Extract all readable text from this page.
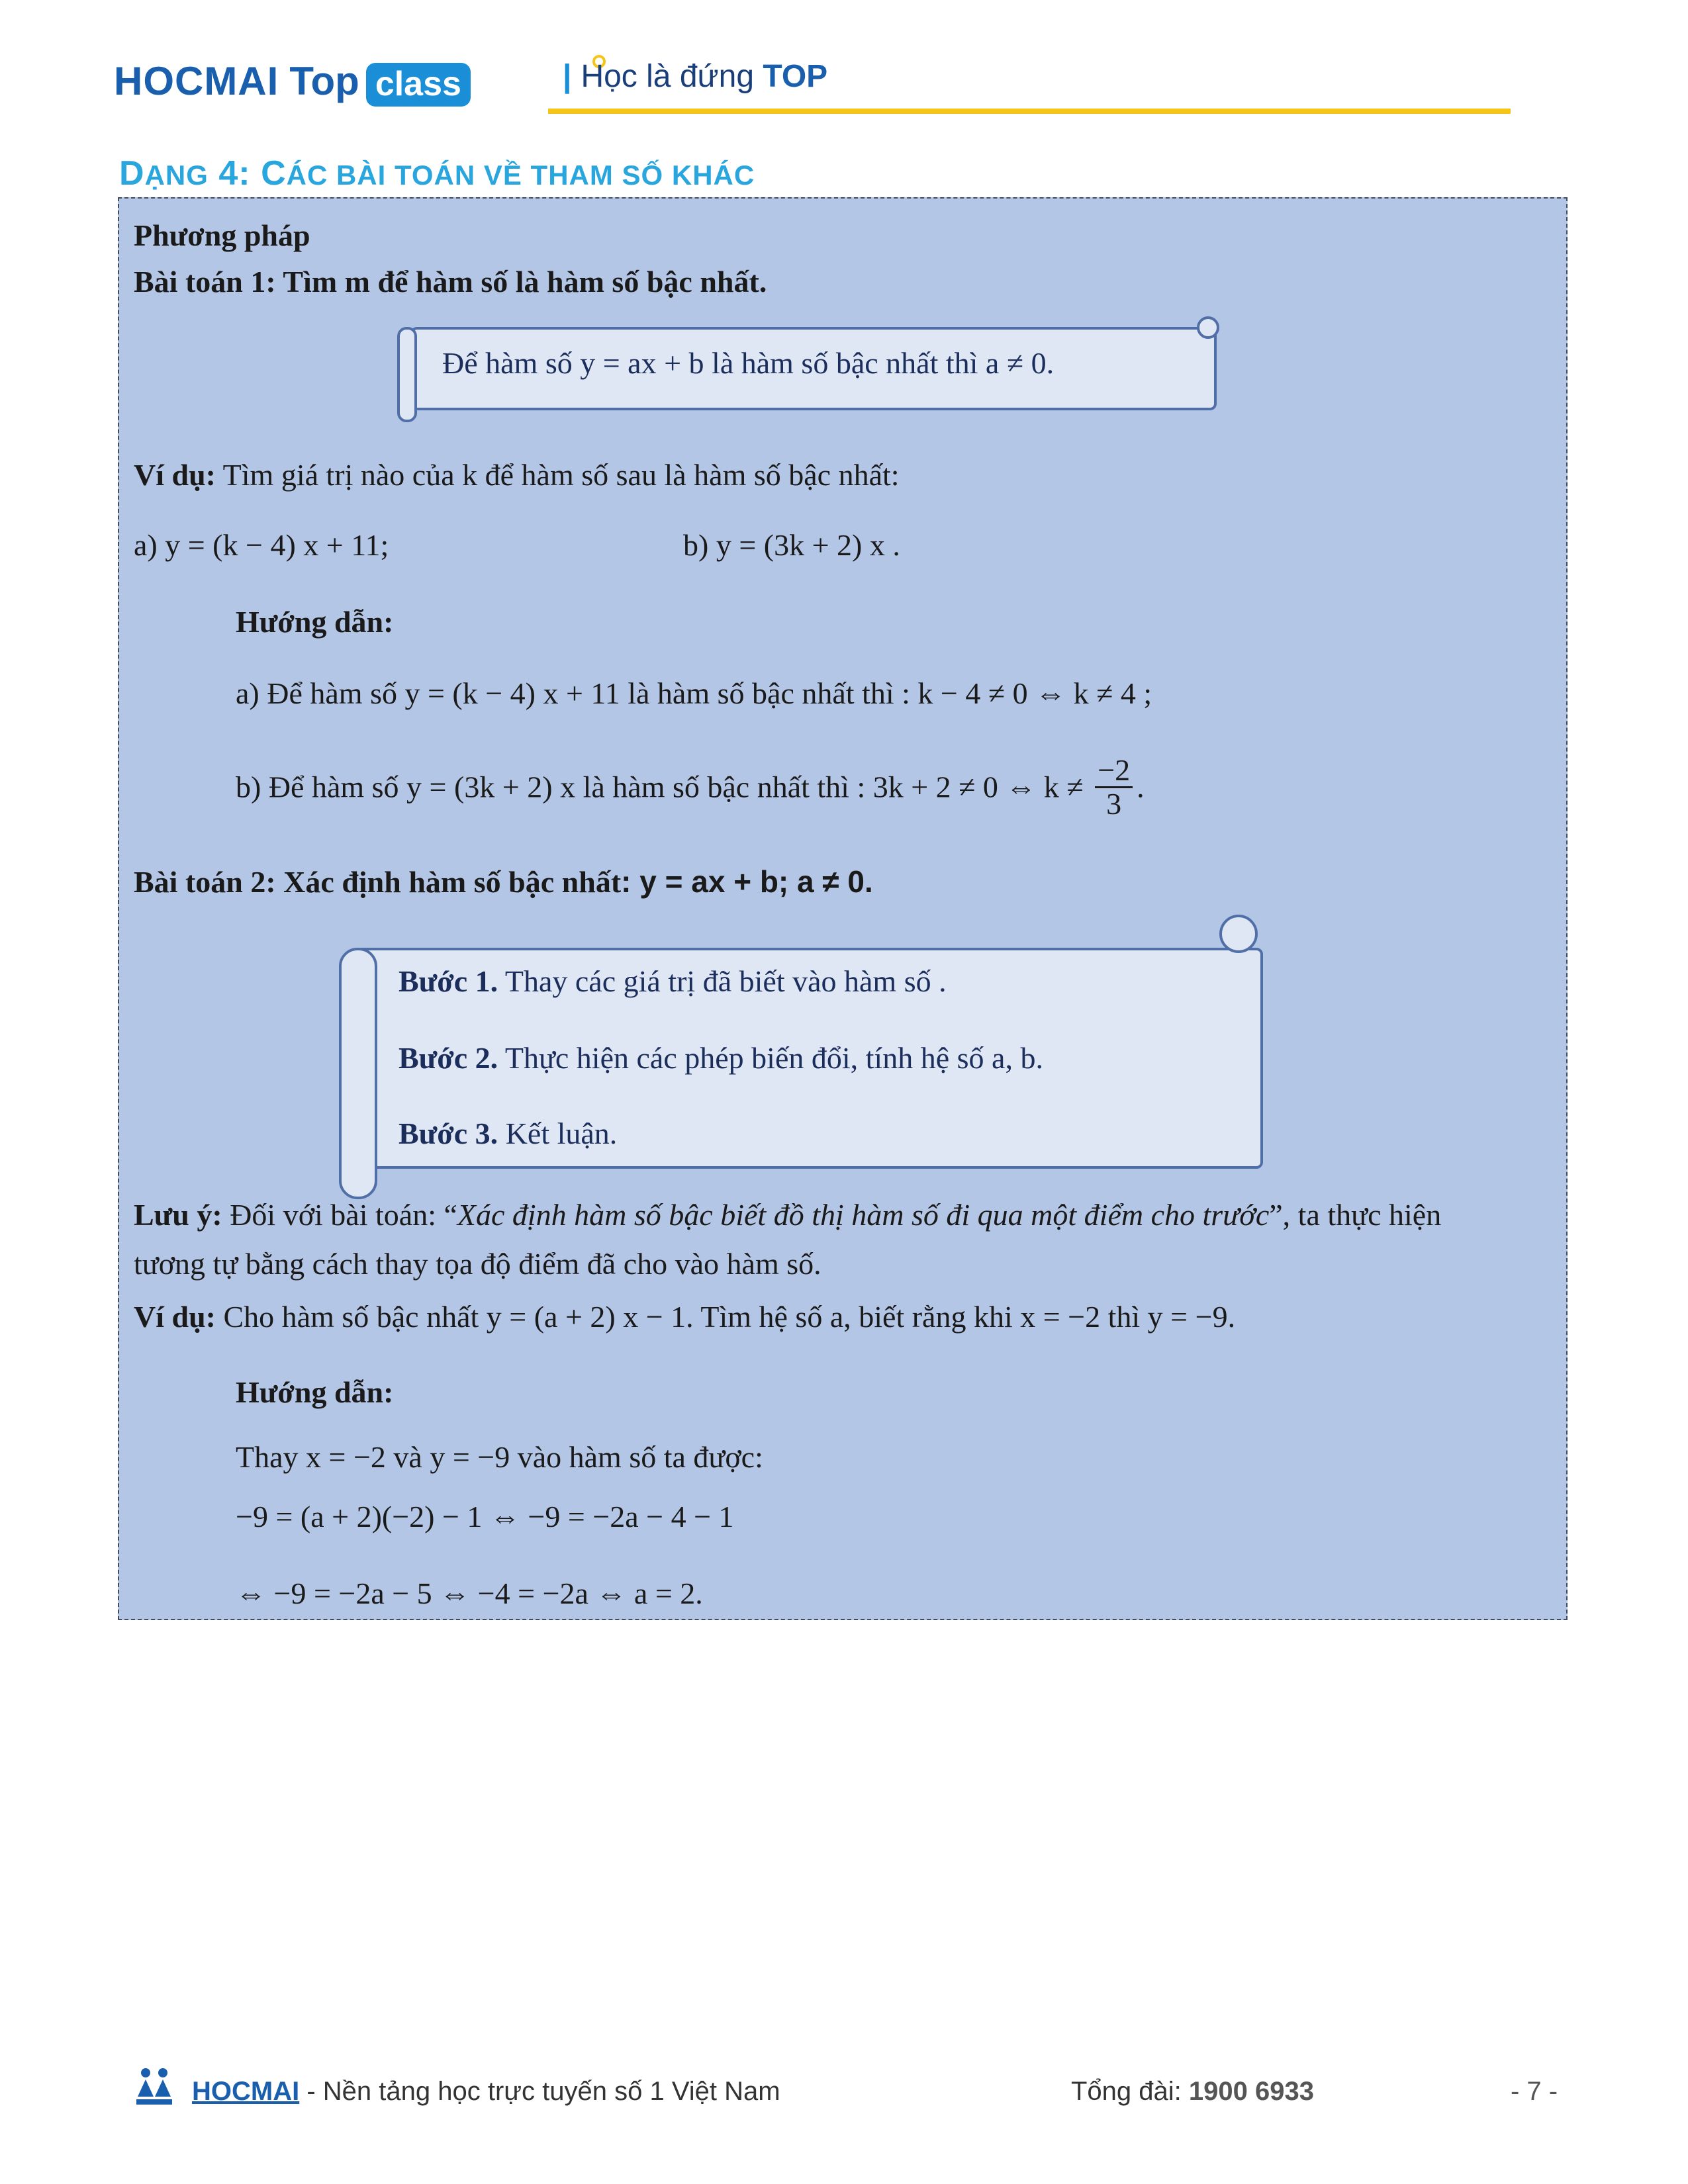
HOCMAI Top class	| Học là đứng TOP
DẠNG 4: CÁC BÀI TOÁN VỀ THAM SỐ KHÁC
Phương pháp
Bài toán 1: Tìm m để hàm số là hàm số bậc nhất.
Để hàm số y = ax + b là hàm số bậc nhất thì a ≠ 0.
Ví dụ: Tìm giá trị nào của k để hàm số sau là hàm số bậc nhất:
a) y = (k − 4) x + 11;	b) y = (3k + 2) x .
Hướng dẫn:
a) Để hàm số y = (k − 4) x + 11 là hàm số bậc nhất thì : k − 4 ≠ 0 ⇔ k ≠ 4 ;
b) Để hàm số y = (3k + 2) x là hàm số bậc nhất thì : 3k + 2 ≠ 0 ⇔ $k \ne \frac{-2}{3}$ .
Bài toán 2: Xác định hàm số bậc nhất: y = ax + b; a ≠ 0.
Bước 1. Thay các giá trị đã biết vào hàm số .
Bước 2. Thực hiện các phép biến đổi, tính hệ số a, b.
Bước 3. Kết luận.
Lưu ý: Đối với bài toán: “Xác định hàm số bậc biết đồ thị hàm số đi qua một điểm cho trước”, ta thực hiện
tương tự bằng cách thay tọa độ điểm đã cho vào hàm số.
Ví dụ: Cho hàm số bậc nhất y = (a + 2) x − 1. Tìm hệ số a, biết rằng khi x = −2 thì y = −9.
Hướng dẫn:
Thay x = −2 và y = −9 vào hàm số ta được:
−9 = (a + 2)(−2) − 1 ⇔ −9 = −2a − 4 − 1
⇔ −9 = −2a − 5 ⇔ −4 = −2a ⇔ a = 2.
HOCMAI - Nền tảng học trực tuyến số 1 Việt Nam	Tổng đài: 1900 6933	- 7 -
